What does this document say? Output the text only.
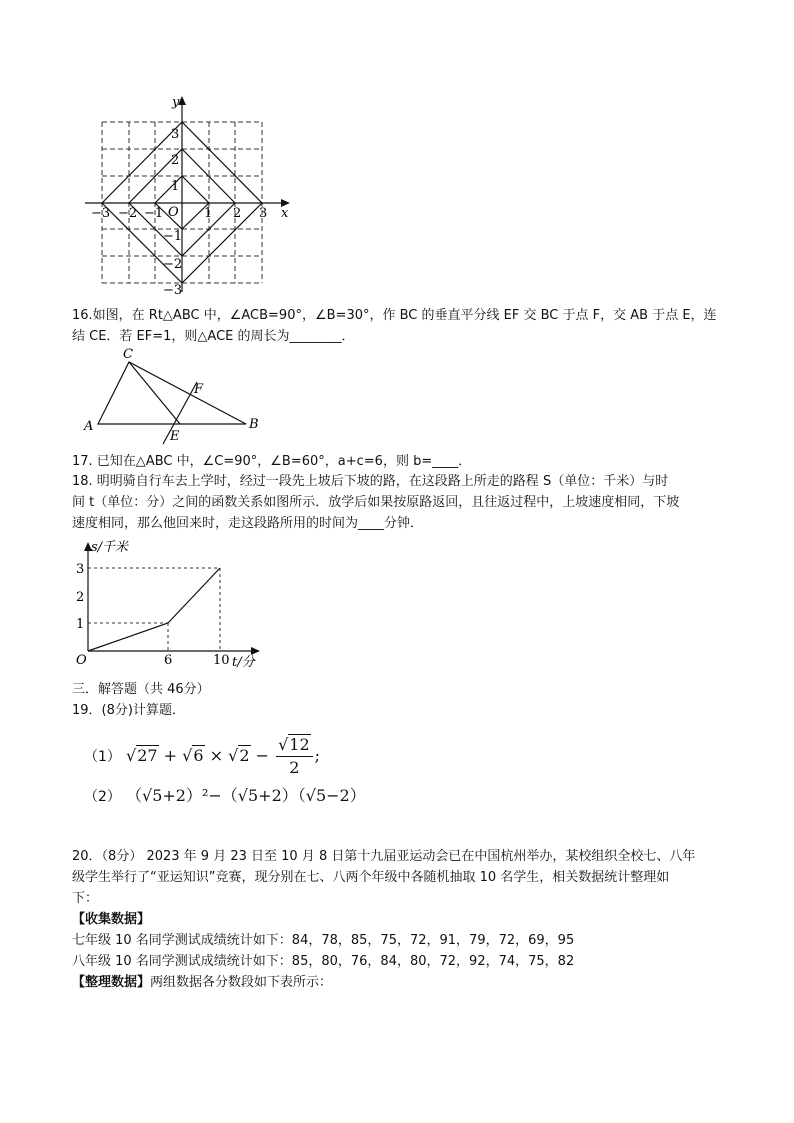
y
x
O
−3 −2 −1	1 2 3
3
2
1
−1
−2
−3
16.如图，在 Rt△ABC 中，∠ACB=90°，∠B=30°，作 BC 的垂直平分线 EF 交 BC 于点 F，交 AB 于点 E，连
结 CE．若 EF=1，则△ACE 的周长为________．
A	B
C
E
F
17. 已知在△ABC 中，∠C=90°，∠B=60°，a+c=6，则 b=____．
18. 明明骑自行车去上学时，经过一段先上坡后下坡的路，在这段路上所走的路程 S（单位：千米）与时
间 t（单位：分）之间的函数关系如图所示．放学后如果按原路返回，且往返过程中，上坡速度相同，下坡
速度相同，那么他回来时，走这段路所用的时间为____分钟．
s/千米
t/分
O
3
2
1
6	10
三．解答题（共 46分）
19．(8分)计算题．
（1） $√27 + √6 \times √2 - \frac{√12}{2}$ ;
（2） （√5+2）²−（√5+2）（√5−2）
20．（8分） 2023 年 9 月 23 日至 10 月 8 日第十九届亚运动会已在中国杭州举办，某校组织全校七、八年
级学生举行了“亚运知识”竞赛，现分别在七、八两个年级中各随机抽取 10 名学生，相关数据统计整理如
下：
【收集数据】
七年级 10 名同学测试成绩统计如下：84，78，85，75，72，91，79，72，69，95
八年级 10 名同学测试成绩统计如下：85，80，76，84，80，72，92，74，75，82
【整理数据】两组数据各分数段如下表所示：
